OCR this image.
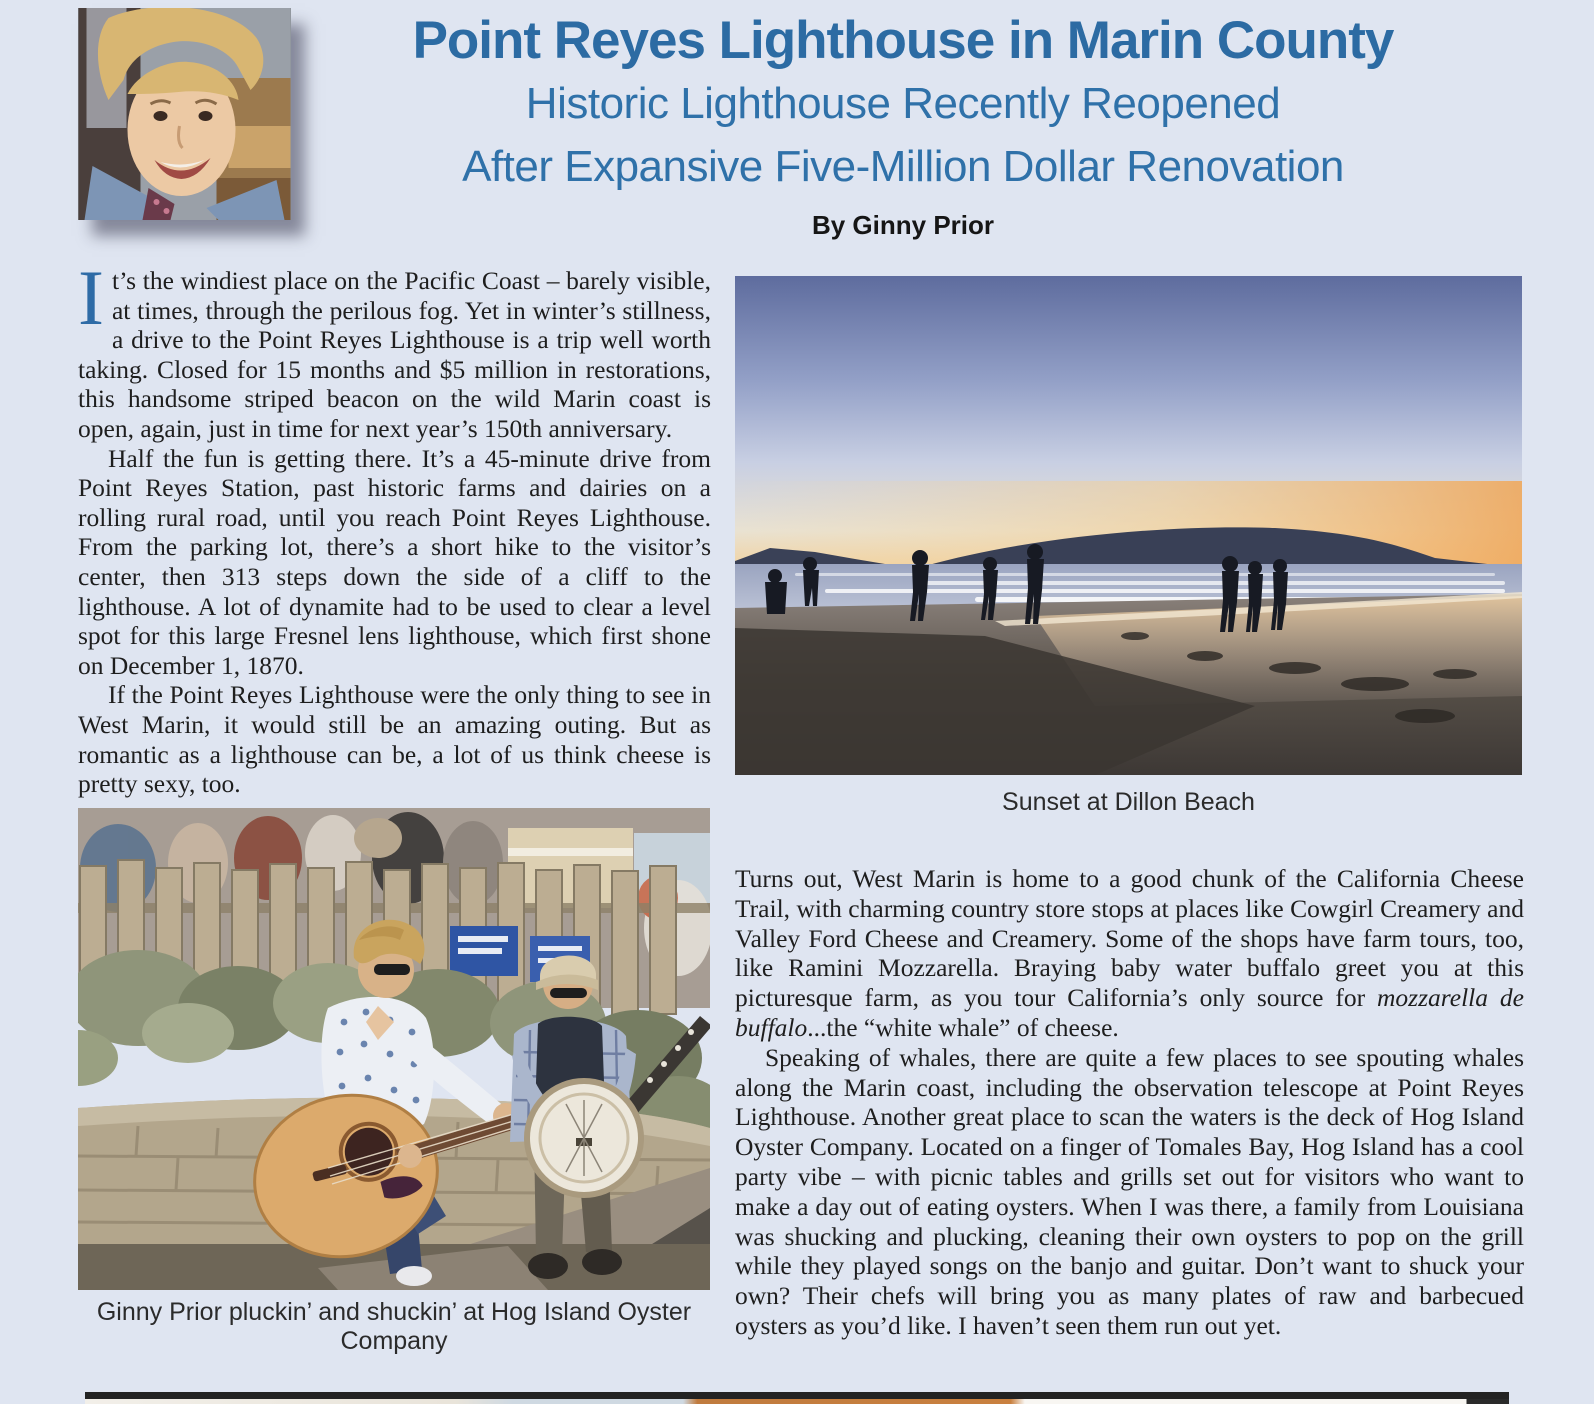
Point Reyes Lighthouse in Marin County
Historic Lighthouse Recently Reopened
After Expansive Five-Million Dollar Renovation
By Ginny Prior

It’s the windiest place on the Pacific Coast – barely visible, at times, through the perilous fog. Yet in winter’s stillness, a drive to the Point Reyes Lighthouse is a trip well worth taking. Closed for 15 months and $5 million in restorations, this handsome striped beacon on the wild Marin coast is open, again, just in time for next year’s 150th anniversary.

Half the fun is getting there. It’s a 45-minute drive from Point Reyes Station, past historic farms and dairies on a rolling rural road, until you reach Point Reyes Lighthouse. From the parking lot, there’s a short hike to the visitor’s center, then 313 steps down the side of a cliff to the lighthouse. A lot of dynamite had to be used to clear a level spot for this large Fresnel lens lighthouse, which first shone on December 1, 1870.

If the Point Reyes Lighthouse were the only thing to see in West Marin, it would still be an amazing outing. But as romantic as a lighthouse can be, a lot of us think cheese is pretty sexy, too.

Sunset at Dillon Beach
Ginny Prior pluckin’ and shuckin’ at Hog Island Oyster Company

Turns out, West Marin is home to a good chunk of the California Cheese Trail, with charming country store stops at places like Cowgirl Creamery and Valley Ford Cheese and Creamery. Some of the shops have farm tours, too, like Ramini Mozzarella. Braying baby water buffalo greet you at this picturesque farm, as you tour California’s only source for mozzarella de buffalo...the “white whale” of cheese.

Speaking of whales, there are quite a few places to see spouting whales along the Marin coast, including the observation telescope at Point Reyes Lighthouse. Another great place to scan the waters is the deck of Hog Island Oyster Company. Located on a finger of Tomales Bay, Hog Island has a cool party vibe – with picnic tables and grills set out for visitors who want to make a day out of eating oysters. When I was there, a family from Louisiana was shucking and plucking, cleaning their own oysters to pop on the grill while they played songs on the banjo and guitar. Don’t want to shuck your own? Their chefs will bring you as many plates of raw and barbecued oysters as you’d like. I haven’t seen them run out yet.
